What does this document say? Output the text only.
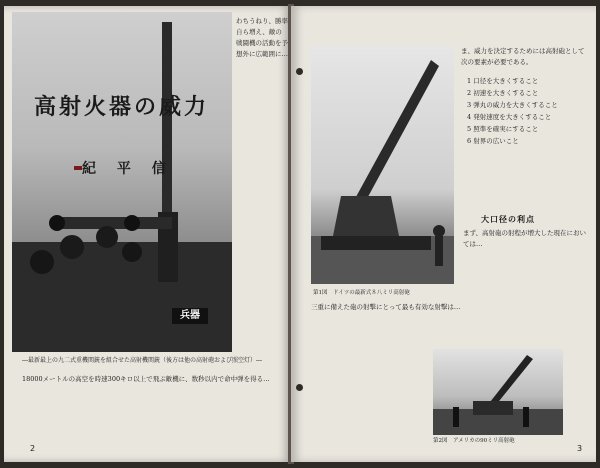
高射火器の威力
紀 平 信
兵器
わちうねり、勝率自ら増え、敵の戦闘機の活動を予想外に広範囲に…
―最新最上の九二式重機関銃を組合せた高射機関銃（後方は他の高射砲および照空灯）―
18000メートルの高空を時速300キロ以上で飛ぶ敵機に、数秒以内で命中弾を得る…
2
第1図　ドイツの最新式８八ミリ高射砲
ま、威力を決定するためには高射砲として次の要素が必要である。
1 口径を大きくすること
2 初速を大きくすること
3 弾丸の威力を大きくすること
4 発射速度を大きくすること
5 照準を確実にすること
6 射界の広いこと
大口径の利点
まず、高射砲の射程が増大した現在においては…
三重に備えた砲の射撃にとって最も有効な射撃は…
第2図　アメリカの90ミリ高射砲
3
